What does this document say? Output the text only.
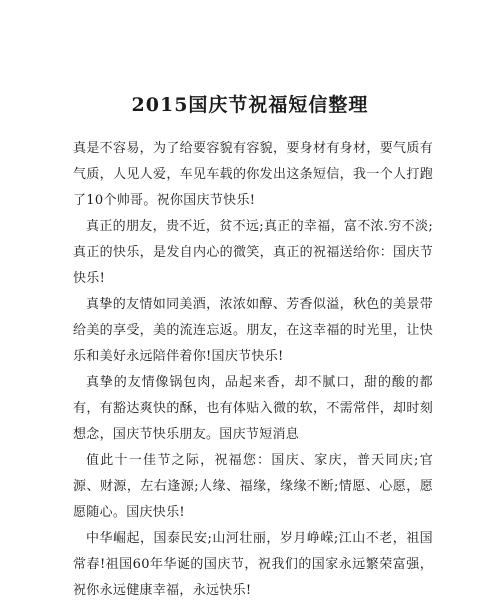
2015国庆节祝福短信整理

真是不容易，为了给要容貌有容貌，要身材有身材，要气质有气质，人见人爱，车见车载的你发出这条短信，我一个人打跑了10个帅哥。祝你国庆节快乐!

真正的朋友，贵不近，贫不远;真正的幸福，富不浓.穷不淡;真正的快乐，是发自内心的微笑，真正的祝福送给你：国庆节快乐!

真挚的友情如同美酒，浓浓如醇、芳香似溢，秋色的美景带给美的享受，美的流连忘返。朋友，在这幸福的时光里，让快乐和美好永远陪伴着你!国庆节快乐!

真挚的友情像锅包肉，品起来香，却不腻口，甜的酸的都有，有豁达爽快的酥，也有体贴入微的软，不需常伴，却时刻想念，国庆节快乐朋友。国庆节短消息

值此十一佳节之际，祝福您：国庆、家庆，普天同庆;官源、财源，左右逢源;人缘、福缘，缘缘不断;情愿、心愿，愿愿随心。国庆快乐!

中华崛起，国泰民安;山河壮丽，岁月峥嵘;江山不老，祖国常春!祖国60年华诞的国庆节，祝我们的国家永远繁荣富强，祝你永远健康幸福，永远快乐!
